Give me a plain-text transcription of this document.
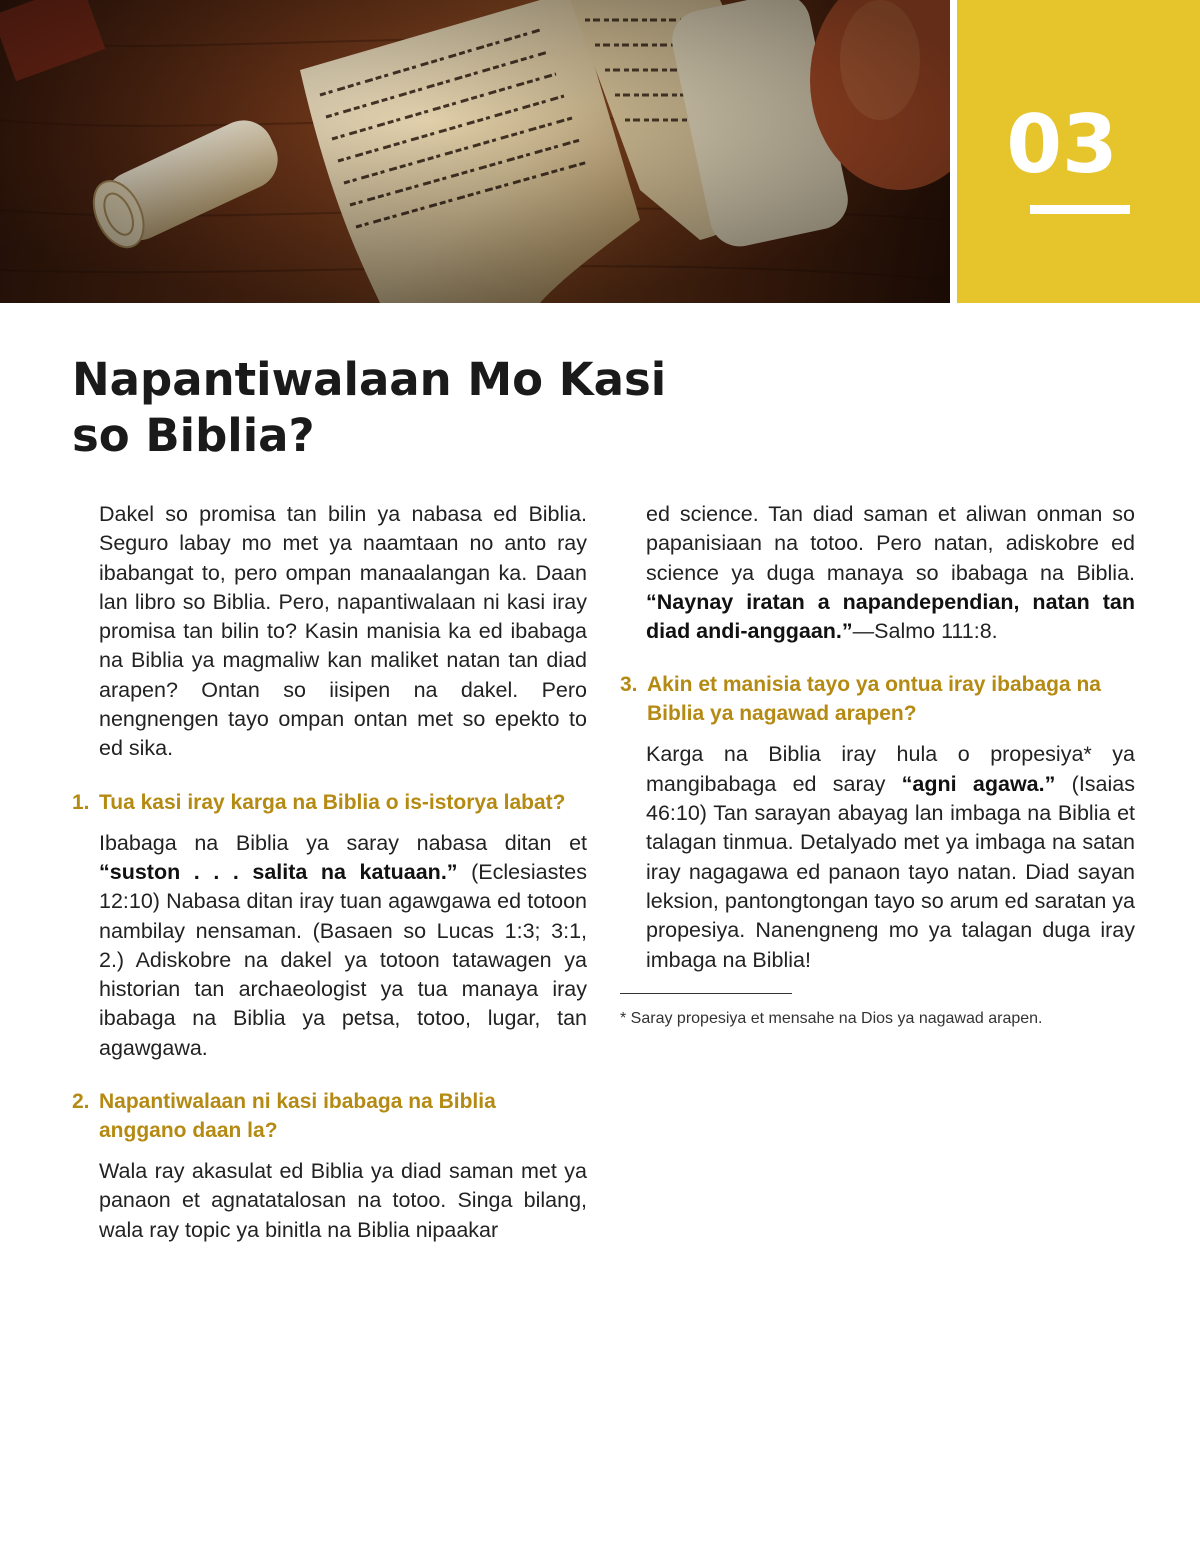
03
Napantiwalaan Mo Kasi
so Biblia?

Dakel so promisa tan bilin ya nabasa ed Biblia. Seguro labay mo met ya naamtaan no anto ray ibabangat to, pero ompan manaalangan ka. Daan lan libro so Biblia. Pero, napantiwalaan ni kasi iray promisa tan bilin to? Kasin manisia ka ed ibabaga na Biblia ya magmaliw kan maliket natan tan diad arapen? Ontan so iisipen na dakel. Pero nengnengen tayo ompan ontan met so epekto to ed sika.

1. Tua kasi iray karga na Biblia o is-istorya labat?

Ibabaga na Biblia ya saray nabasa ditan et “suston . . . salita na katuaan.” (Eclesiastes 12:10) Nabasa ditan iray tuan agawgawa ed totoon nambilay nensaman. (Basaen so Lucas 1:3; 3:1, 2.) Adiskobre na dakel ya totoon tatawagen ya historian tan archaeologist ya tua manaya iray ibabaga na Biblia ya petsa, totoo, lugar, tan agawgawa.

2. Napantiwalaan ni kasi ibabaga na Biblia anggano daan la?

Wala ray akasulat ed Biblia ya diad saman met ya panaon et agnatatalosan na totoo. Singa bilang, wala ray topic ya binitla na Biblia nipaakar

ed science. Tan diad saman et aliwan onman so papanisiaan na totoo. Pero natan, adiskobre ed science ya duga manaya so ibabaga na Biblia. “Naynay iratan a napandependian, natan tan diad andi-anggaan.”—Salmo 111:8.

3. Akin et manisia tayo ya ontua iray ibabaga na Biblia ya nagawad arapen?

Karga na Biblia iray hula o propesiya* ya mangibabaga ed saray “agni agawa.” (Isaias 46:10) Tan sarayan abayag lan imbaga na Biblia et talagan tinmua. Detalyado met ya imbaga na satan iray nagagawa ed panaon tayo natan. Diad sayan leksion, pantongtongan tayo so arum ed saratan ya propesiya. Nanengneng mo ya talagan duga iray imbaga na Biblia!

* Saray propesiya et mensahe na Dios ya nagawad arapen.
